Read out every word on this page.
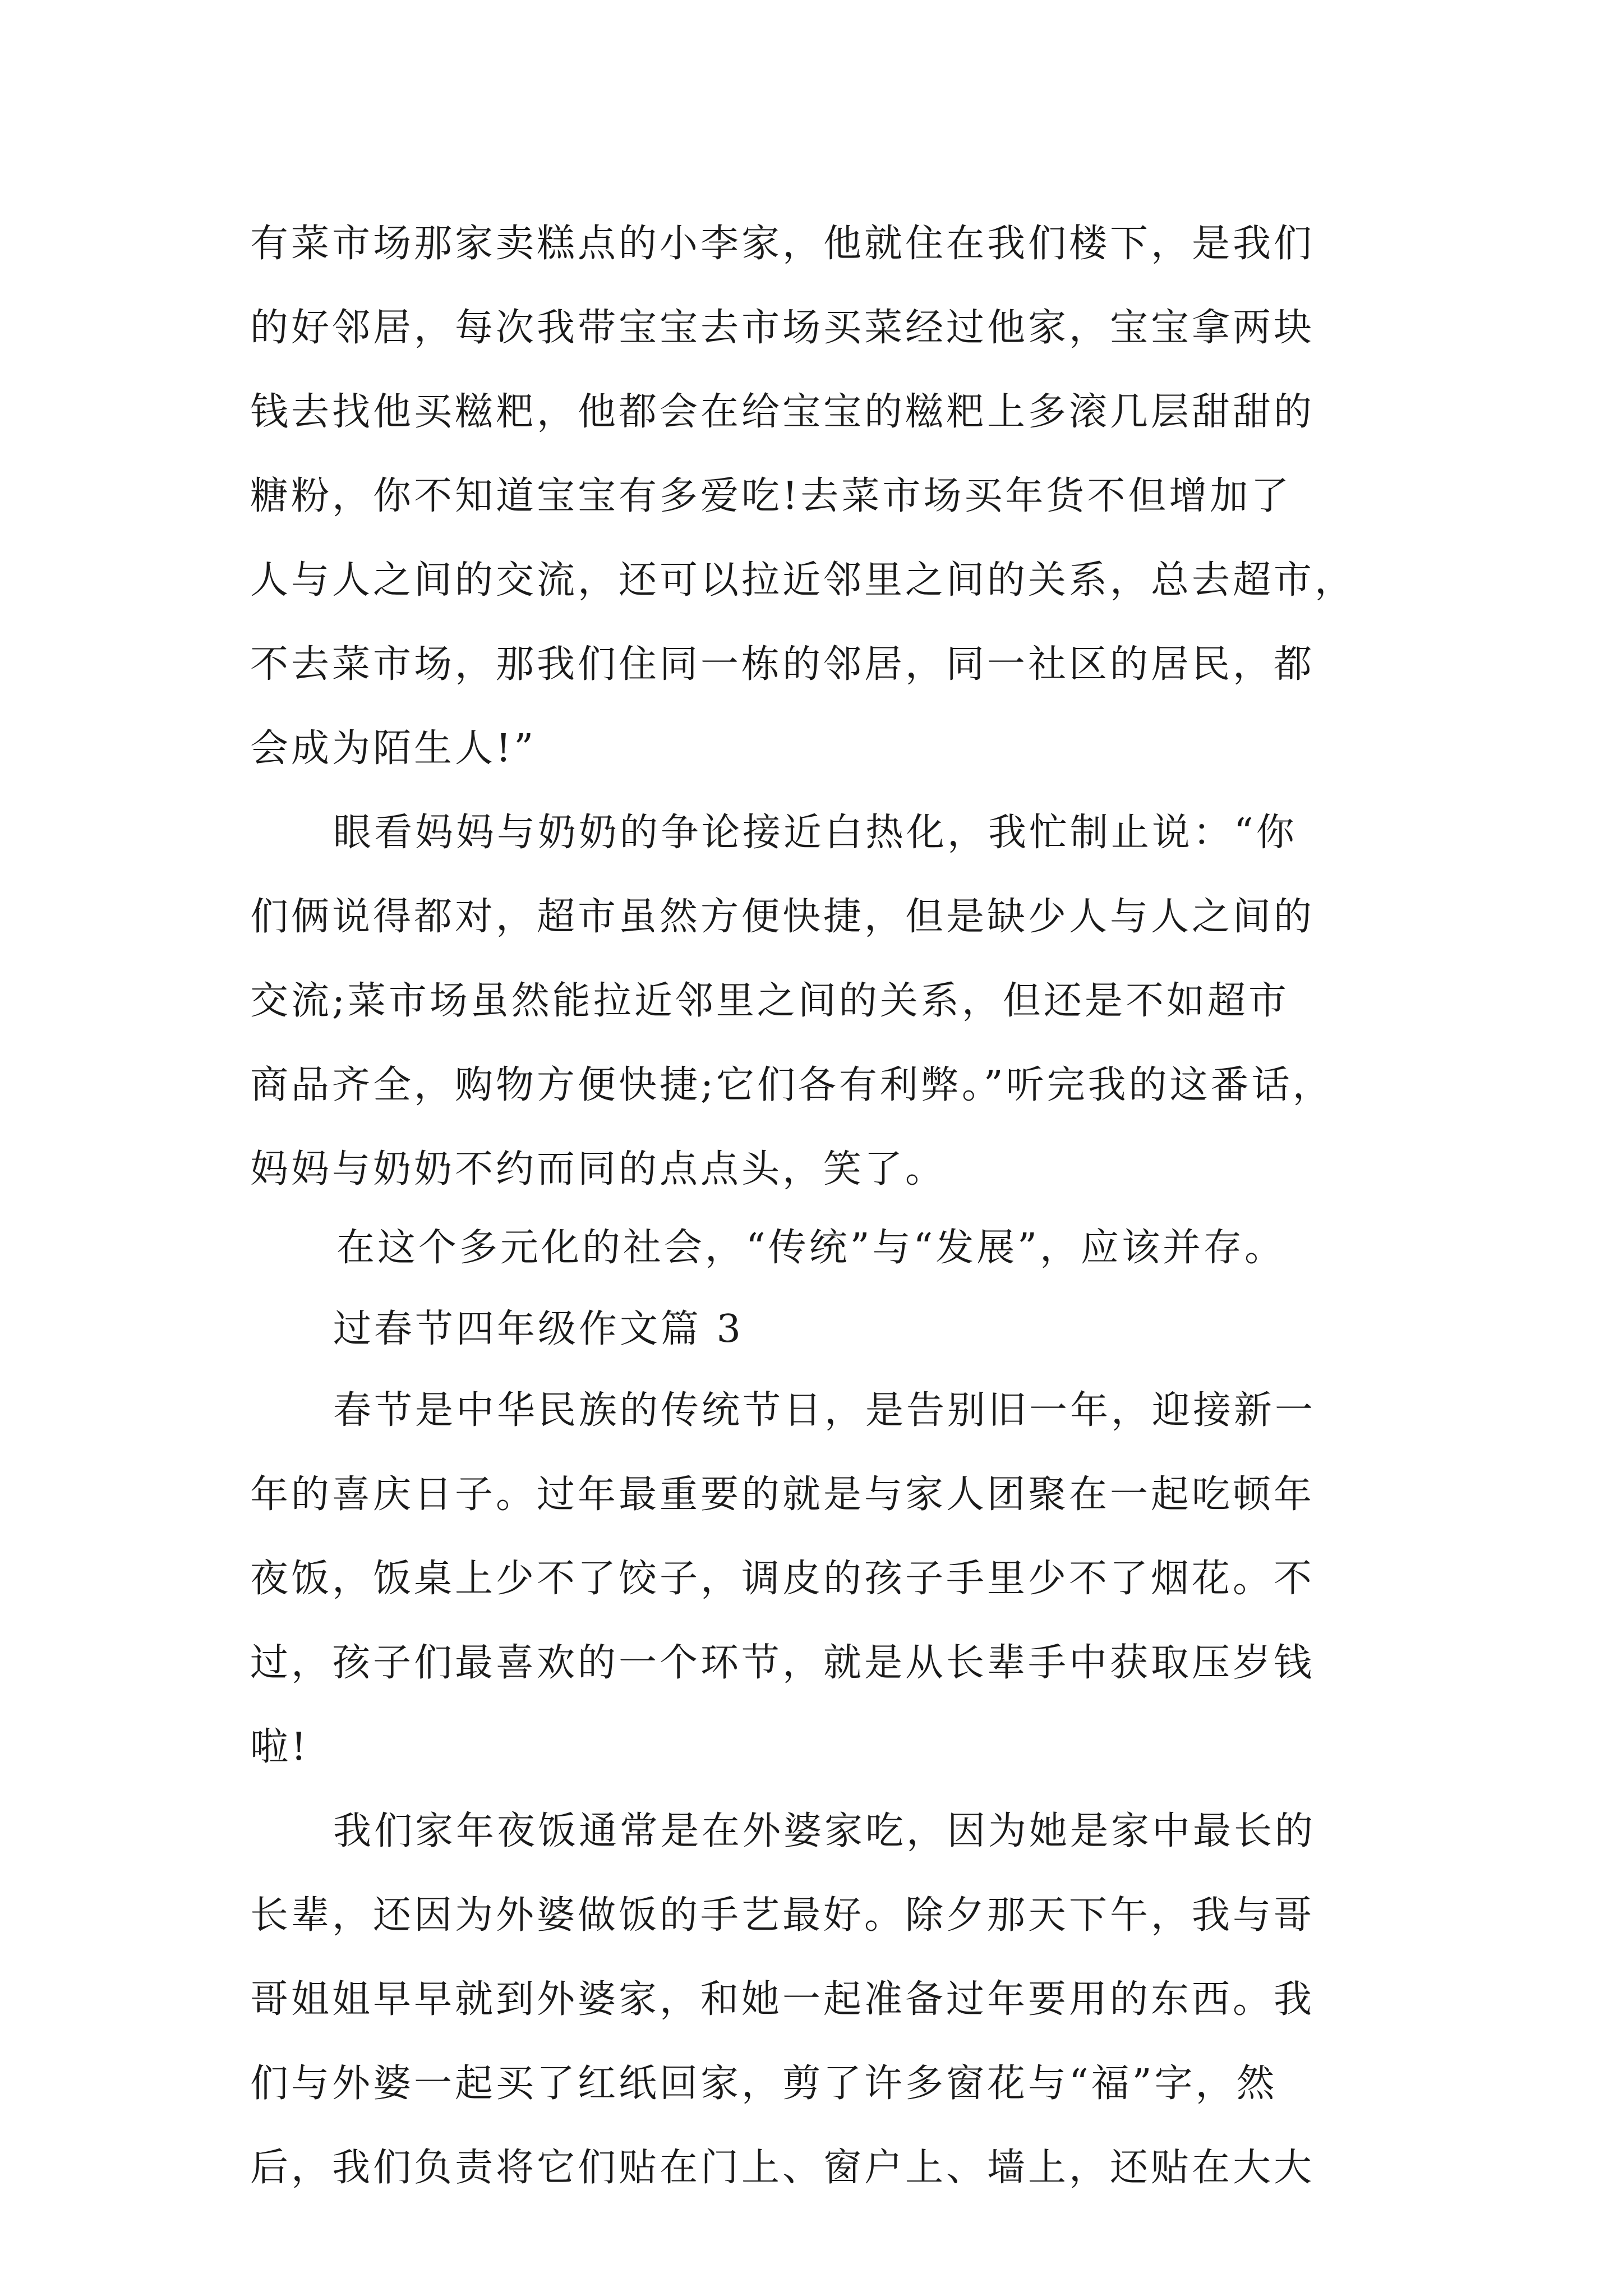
有菜市场那家卖糕点的小李家，他就住在我们楼下，是我们
的好邻居，每次我带宝宝去市场买菜经过他家，宝宝拿两块
钱去找他买糍粑，他都会在给宝宝的糍粑上多滚几层甜甜的
糖粉，你不知道宝宝有多爱吃!去菜市场买年货不但增加了
人与人之间的交流，还可以拉近邻里之间的关系，总去超市，
不去菜市场，那我们住同一栋的邻居，同一社区的居民，都
会成为陌生人!”
眼看妈妈与奶奶的争论接近白热化，我忙制止说：“你
们俩说得都对，超市虽然方便快捷，但是缺少人与人之间的
交流;菜市场虽然能拉近邻里之间的关系，但还是不如超市
商品齐全，购物方便快捷;它们各有利弊。”听完我的这番话，
妈妈与奶奶不约而同的点点头，笑了。
在这个多元化的社会，“传统”与“发展”，应该并存。
过春节四年级作文篇 3
春节是中华民族的传统节日，是告别旧一年，迎接新一
年的喜庆日子。过年最重要的就是与家人团聚在一起吃顿年
夜饭，饭桌上少不了饺子，调皮的孩子手里少不了烟花。不
过，孩子们最喜欢的一个环节，就是从长辈手中获取压岁钱
啦!
我们家年夜饭通常是在外婆家吃，因为她是家中最长的
长辈，还因为外婆做饭的手艺最好。除夕那天下午，我与哥
哥姐姐早早就到外婆家，和她一起准备过年要用的东西。我
们与外婆一起买了红纸回家，剪了许多窗花与“福”字，然
后，我们负责将它们贴在门上、窗户上、墙上，还贴在大大
